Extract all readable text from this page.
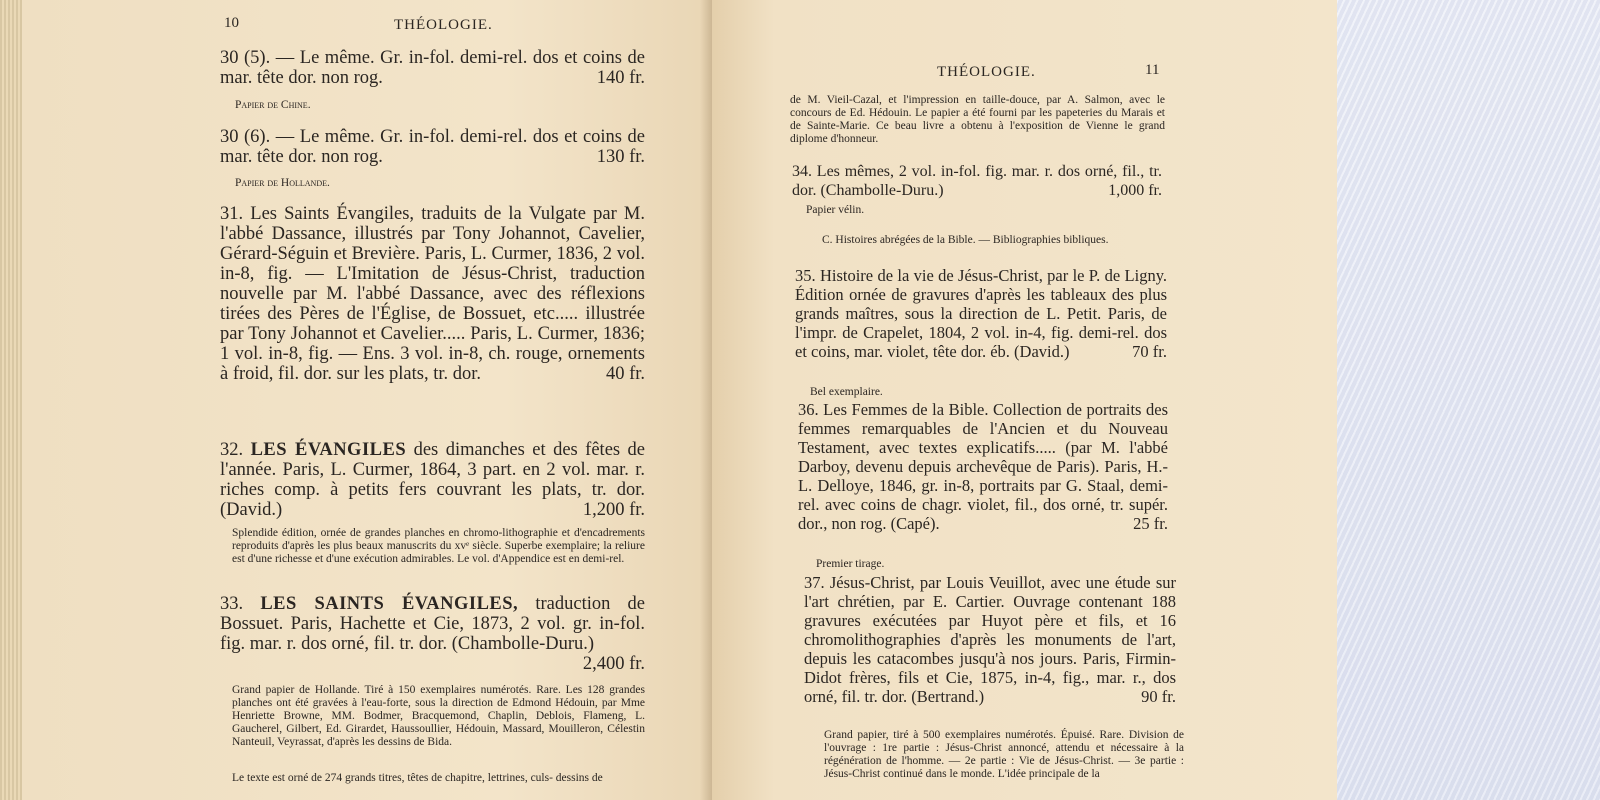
10	THÉOLOGIE.
30 (5). — Le même. Gr. in-fol. demi-rel. dos et coins de mar. tête dor. non rog.	140 fr.
Papier de Chine.
30 (6). — Le même. Gr. in-fol. demi-rel. dos et coins de mar. tête dor. non rog.	130 fr.
Papier de Hollande.
31. Les Saints Évangiles, traduits de la Vulgate par M. l'abbé Dassance, illustrés par Tony Johannot, Cavelier, Gérard-Séguin et Brevière. Paris, L. Curmer, 1836, 2 vol. in-8, fig. — L'Imitation de Jésus-Christ, traduction nouvelle par M. l'abbé Dassance, avec des réflexions tirées des Pères de l'Église, de Bossuet, etc..... illustrée par Tony Johannot et Cavelier..... Paris, L. Curmer, 1836; 1 vol. in-8, fig. — Ens. 3 vol. in-8, ch. rouge, ornements à froid, fil. dor. sur les plats, tr. dor.	40 fr.
32. LES ÉVANGILES des dimanches et des fêtes de l'année. Paris, L. Curmer, 1864, 3 part. en 2 vol. mar. r. riches comp. à petits fers couvrant les plats, tr. dor. (David.)	1,200 fr.
Splendide édition, ornée de grandes planches en chromo-lithographie et d'encadrements reproduits d'après les plus beaux manuscrits du xvᵉ siècle. Superbe exemplaire; la reliure est d'une richesse et d'une exécution admirables. Le vol. d'Appendice est en demi-rel.
33. LES SAINTS ÉVANGILES, traduction de Bossuet. Paris, Hachette et Cie, 1873, 2 vol. gr. in-fol. fig. mar. r. dos orné, fil. tr. dor. (Chambolle-Duru.)
2,400 fr.
Grand papier de Hollande. Tiré à 150 exemplaires numérotés. Rare. Les 128 grandes planches ont été gravées à l'eau-forte, sous la direction de Edmond Hédouin, par Mme Henriette Browne, MM. Bodmer, Bracquemond, Chaplin, Deblois, Flameng, L. Gaucherel, Gilbert, Ed. Girardet, Haussoullier, Hédouin, Massard, Mouilleron, Célestin Nanteuil, Veyrassat, d'après les dessins de Bida.
Le texte est orné de 274 grands titres, têtes de chapitre, lettrines, culs- dessins de
THÉOLOGIE.	11
de M. Vieil-Cazal, et l'impression en taille-douce, par A. Salmon, avec le concours de Ed. Hédouin. Le papier a été fourni par les papeteries du Marais et de Sainte-Marie. Ce beau livre a obtenu à l'exposition de Vienne le grand diplome d'honneur.
34. Les mêmes, 2 vol. in-fol. fig. mar. r. dos orné, fil., tr. dor. (Chambolle-Duru.)	1,000 fr.
Papier vélin.
C. Histoires abrégées de la Bible. — Bibliographies bibliques.
35. Histoire de la vie de Jésus-Christ, par le P. de Ligny. Édition ornée de gravures d'après les tableaux des plus grands maîtres, sous la direction de L. Petit. Paris, de l'impr. de Crapelet, 1804, 2 vol. in-4, fig. demi-rel. dos et coins, mar. violet, tête dor. éb. (David.)	70 fr.
Bel exemplaire.
36. Les Femmes de la Bible. Collection de portraits des femmes remarquables de l'Ancien et du Nouveau Testament, avec textes explicatifs..... (par M. l'abbé Darboy, devenu depuis archevêque de Paris). Paris, H.-L. Delloye, 1846, gr. in-8, portraits par G. Staal, demi-rel. avec coins de chagr. violet, fil., dos orné, tr. supér. dor., non rog. (Capé).	25 fr.
Premier tirage.
37. Jésus-Christ, par Louis Veuillot, avec une étude sur l'art chrétien, par E. Cartier. Ouvrage contenant 188 gravures exécutées par Huyot père et fils, et 16 chromolithographies d'après les monuments de l'art, depuis les catacombes jusqu'à nos jours. Paris, Firmin-Didot frères, fils et Cie, 1875, in-4, fig., mar. r., dos orné, fil. tr. dor. (Bertrand.)	90 fr.
Grand papier, tiré à 500 exemplaires numérotés. Épuisé. Rare. Division de l'ouvrage : 1re partie : Jésus-Christ annoncé, attendu et nécessaire à la régénération de l'homme. — 2e partie : Vie de Jésus-Christ. — 3e partie : Jésus-Christ continué dans le monde. L'idée principale de la
